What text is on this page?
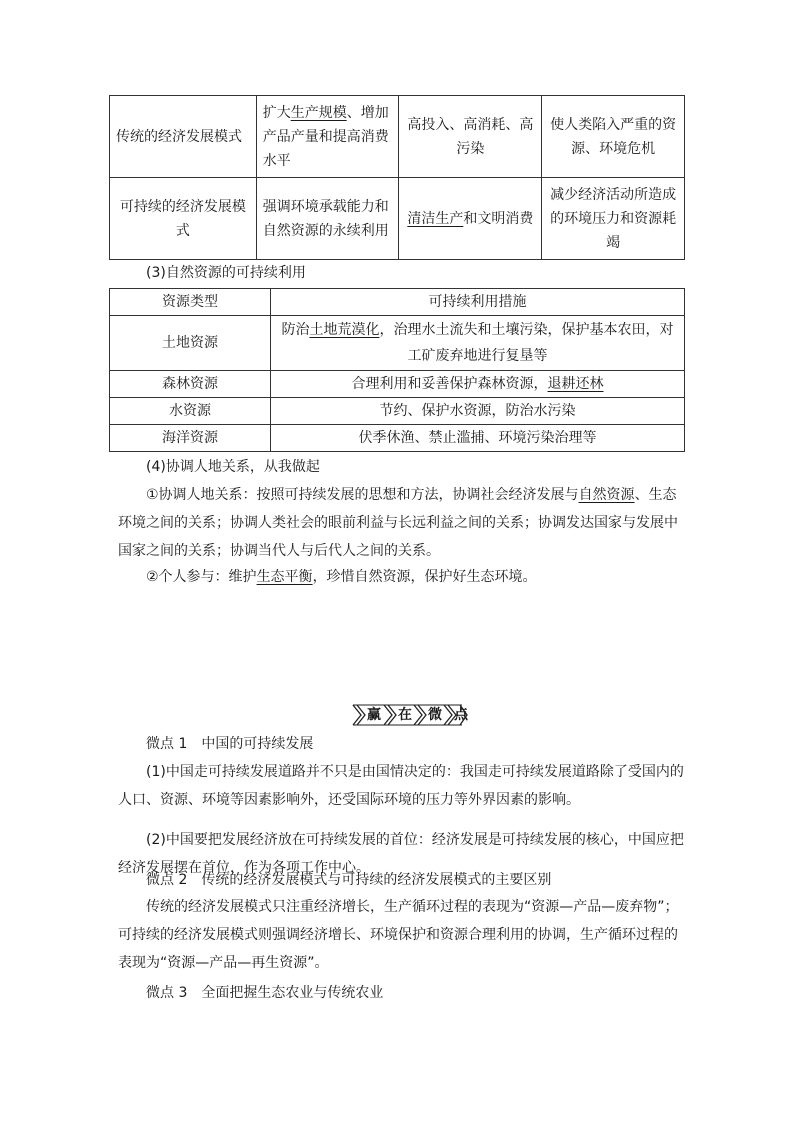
传统的经济发展模式	扩大生产规模、增加产品产量和提高消费水平	高投入、高消耗、高污染	使人类陷入严重的资源、环境危机
可持续的经济发展模式	强调环境承载能力和自然资源的永续利用	清洁生产和文明消费	减少经济活动所造成的环境压力和资源耗竭
(3)自然资源的可持续利用
资源类型	可持续利用措施
土地资源	防治土地荒漠化，治理水土流失和土壤污染，保护基本农田，对工矿废弃地进行复垦等
森林资源	合理利用和妥善保护森林资源，退耕还林
水资源	节约、保护水资源，防治水污染
海洋资源	伏季休渔、禁止滥捕、环境污染治理等
(4)协调人地关系，从我做起
①协调人地关系：按照可持续发展的思想和方法，协调社会经济发展与自然资源、生态环境之间的关系；协调人类社会的眼前利益与长远利益之间的关系；协调发达国家与发展中国家之间的关系；协调当代人与后代人之间的关系。
②个人参与：维护生态平衡，珍惜自然资源，保护好生态环境。
赢 在 微 点
微点 1　中国的可持续发展
(1)中国走可持续发展道路并不只是由国情决定的：我国走可持续发展道路除了受国内的人口、资源、环境等因素影响外，还受国际环境的压力等外界因素的影响。
(2)中国要把发展经济放在可持续发展的首位：经济发展是可持续发展的核心，中国应把经济发展摆在首位，作为各项工作中心。
微点 2　传统的经济发展模式与可持续的经济发展模式的主要区别
传统的经济发展模式只注重经济增长，生产循环过程的表现为“资源—产品—废弃物”；可持续的经济发展模式则强调经济增长、环境保护和资源合理利用的协调，生产循环过程的表现为“资源—产品—再生资源”。
微点 3　全面把握生态农业与传统农业
